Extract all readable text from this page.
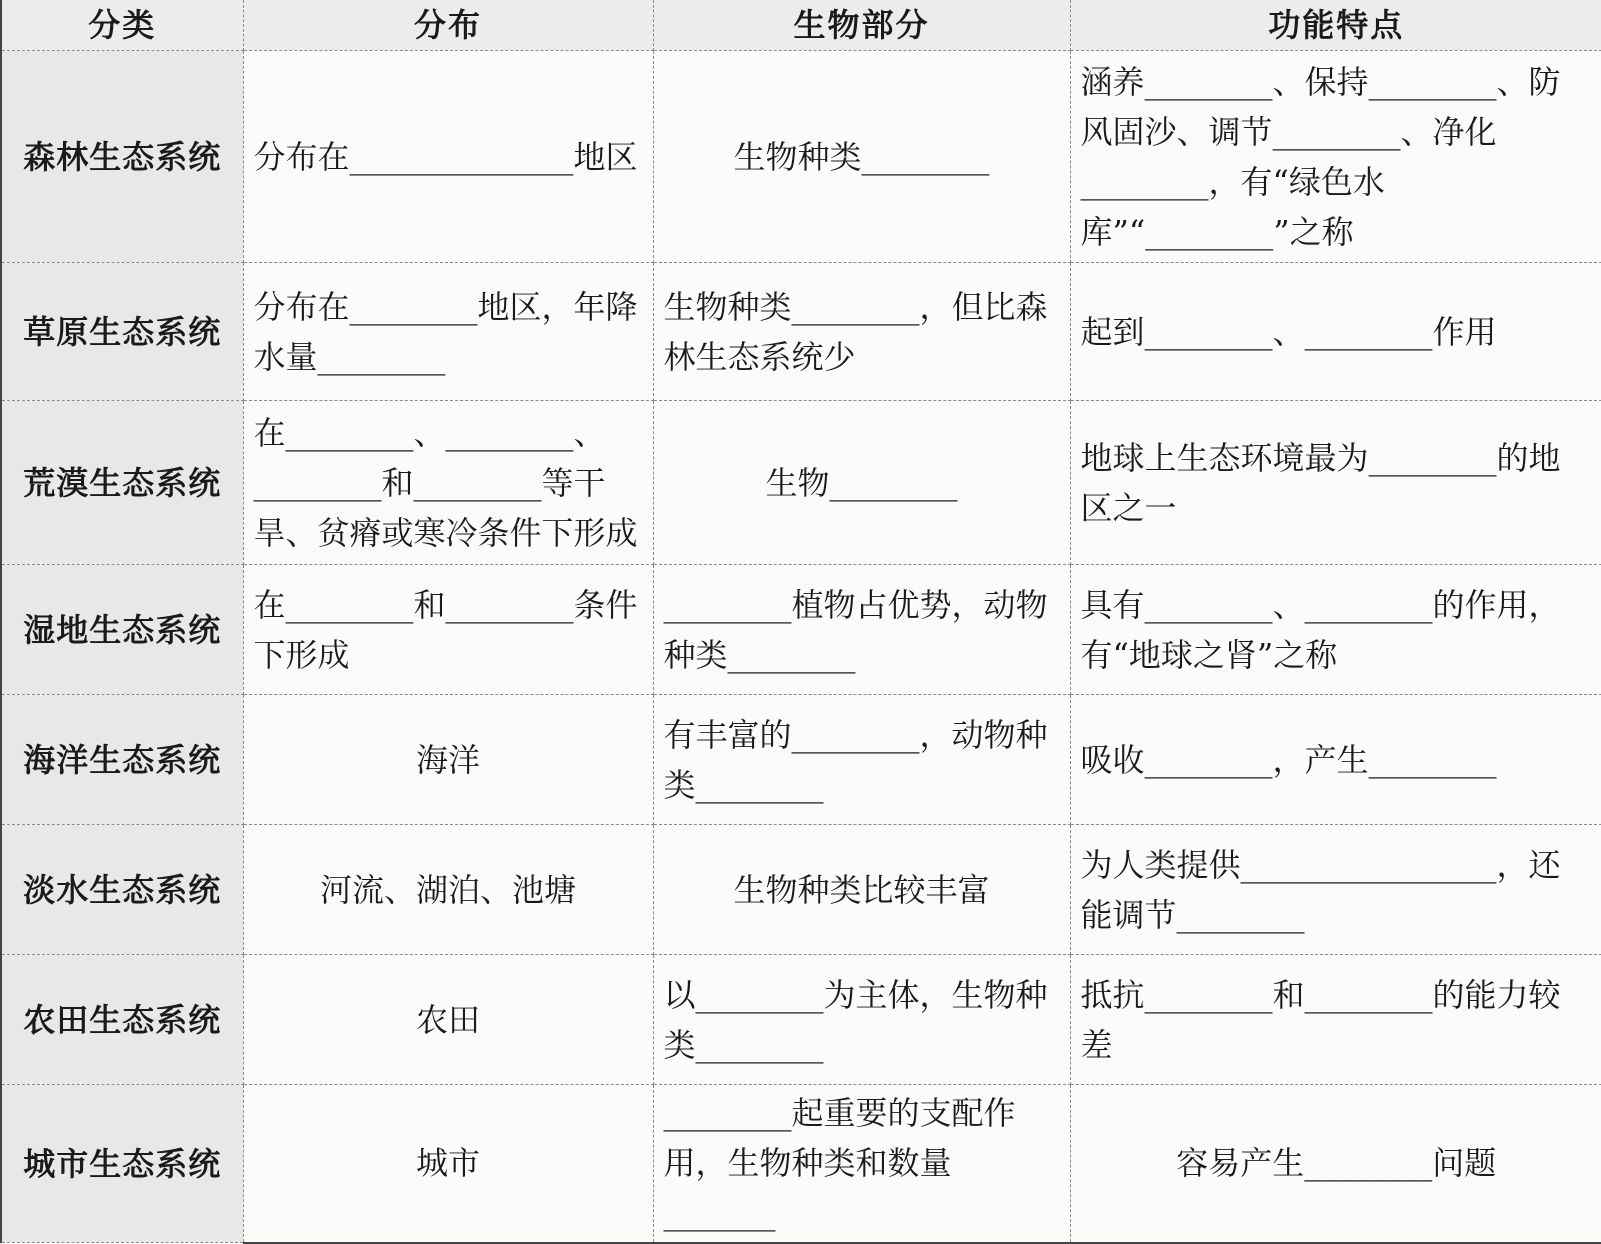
分类	分布	生物部分	功能特点
森林生态系统	分布在______________地区	生物种类________	涵养________、保持________、防风固沙、调节________、净化________，有“绿色水库”“________”之称
草原生态系统	分布在________地区，年降水量________	生物种类________，但比森林生态系统少	起到________、________作用
荒漠生态系统	在________、________、________和________等干旱、贫瘠或寒冷条件下形成	生物________	地球上生态环境最为________的地区之一
湿地生态系统	在________和________条件下形成	________植物占优势，动物种类________	具有________、________的作用，有“地球之肾”之称
海洋生态系统	海洋	有丰富的________，动物种类________	吸收________，产生________
淡水生态系统	河流、湖泊、池塘	生物种类比较丰富	为人类提供________________，还能调节________
农田生态系统	农田	以________为主体，生物种类________	抵抗________和________的能力较差
城市生态系统	城市	________起重要的支配作用，生物种类和数量_______	容易产生________问题
